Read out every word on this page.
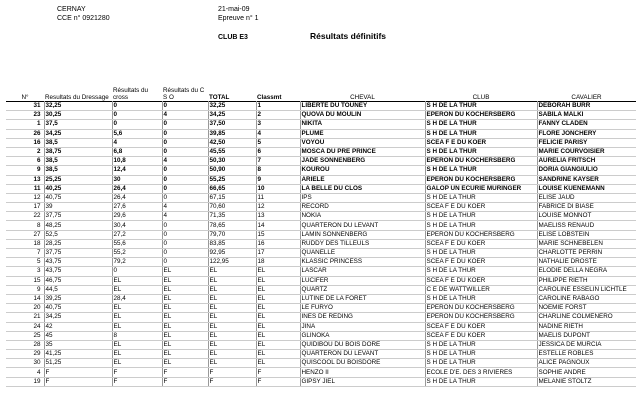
CERNAY
CCE n° 0921280
21-mai-09
Epreuve n° 1
CLUB E3	Résultats définitifs
N°	Resultats du Dressage	Résultats du cross	Résultats du C S O	TOTAL	Classmt	CHEVAL	CLUB	CAVALIER
31	32,25	0	0	32,25	1	LIBERTE DU TOUNEY	S H DE LA THUR	DEBORAH BURR
23	30,25	0	4	34,25	2	QUOVA DU MOULIN	EPERON DU KOCHERSBERG	SABILA MALKI
1	37,5	0	0	37,50	3	NIKITA	S H DE LA THUR	FANNY CLADEN
26	34,25	5,6	0	39,85	4	PLUME	S H DE LA THUR	FLORE JONCHERY
16	38,5	4	0	42,50	5	VOYOU	SCEA F E DU KOER	FELICIE PARISY
2	38,75	6,8	0	45,55	6	MOSCA DU PRE PRINCE	S H DE LA THUR	MARIE COURVOISIER
6	38,5	10,8	4	50,30	7	JADE SONNENBERG	EPERON DU KOCHERSBERG	AURELIA FRITSCH
9	38,5	12,4	0	50,90	8	KOUROU	S H DE LA THUR	DORIA GIANGIULIO
13	25,25	30	0	55,25	9	ARIELE	EPERON DU KOCHERSBERG	SANDRINE KAYSER
11	40,25	26,4	0	66,65	10	LA BELLE DU CLOS	GALOP UN ECURIE MURINGER	LOUISE KUENEMANN
12	40,75	26,4	0	67,15	11	IPS	S H DE LA THUR	ELISE JAUD
17	39	27,6	4	70,60	12	RECORD	SCEA F E DU KOER	FABRICE DI BIASE
22	37,75	29,6	4	71,35	13	NOKIA	S H DE LA THUR	LOUISE MONNOT
8	48,25	30,4	0	78,65	14	QUARTERON DU LEVANT	S H DE LA THUR	MAELISS RENAUD
27	52,5	27,2	0	79,70	15	LAMIN SONNENBERG	EPERON DU KOCHERSBERG	ELISE LOBSTEIN
18	28,25	55,6	0	83,85	16	RUDDY DES TILLEULS	SCEA F E DU KOER	MARIE SCHNEBELEN
7	37,75	55,2	0	92,95	17	QUANELLE	S H DE LA THUR	CHARLOTTE PERRIN
5	43,75	79,2	0	122,95	18	KLASSIC PRINCESS	SCEA F E DU KOER	NATHALIE DROSTE
3	43,75	0	EL	EL	EL	LASCAR	S H DE LA THUR	ELODIE DELLA NEGRA
15	46,75	EL	EL	EL	EL	LUCIFER	SCEA F E DU KOER	PHILIPPE RIETH
9	44,5	EL	EL	EL	EL	QUARTZ	C E DE WATTWILLER	CAROLINE ESSELIN LICHTLE
14	39,25	28,4	EL	EL	EL	LUTINE DE LA FORET	S H DE LA THUR	CAROLINE RABAGO
20	40,75	EL	EL	EL	EL	LE FURYO	EPERON DU KOCHERSBERG	NOEMIE FORST
21	34,25	EL	EL	EL	EL	INES DE REDING	EPERON DU KOCHERSBERG	CHARLINE COLMENERO
24	42	EL	EL	EL	EL	JINA	SCEA F E DU KOER	NADINE RIETH
25	45	8	EL	EL	EL	GLINOKA	SCEA F E DU KOER	MAELIS DUPONT
28	35	EL	EL	EL	EL	QUIDIBOU DU BOIS DORE	S H DE LA THUR	JESSICA DE MURCIA
29	41,25	EL	EL	EL	EL	QUARTERON DU LEVANT	S H DE LA THUR	ESTELLE ROBLES
30	51,25	EL	EL	EL	EL	QUISCOOL DU BOISDORE	S H DE LA THUR	ALICE PAGNOUX
4	F	F	F	F	F	HENZO II	ECOLE D'E. DES 3 RIVIERES	SOPHIE ANDRE
19	F	F	F	F	F	GIPSY JIEL	S H DE LA THUR	MELANIE STOLTZ
